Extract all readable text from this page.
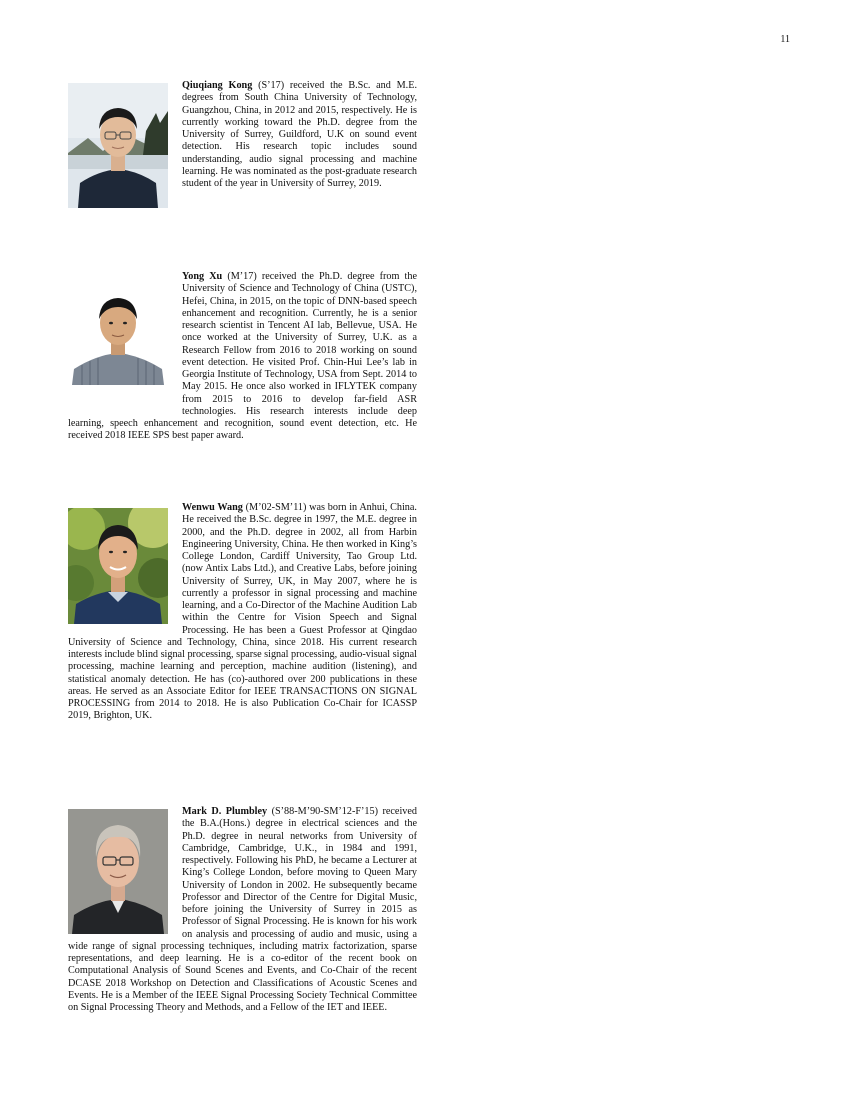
11

Qiuqiang Kong (S’17) received the B.Sc. and M.E. degrees from South China University of Technology, Guangzhou, China, in 2012 and 2015, respectively. He is currently working toward the Ph.D. degree from the University of Surrey, Guildford, U.K on sound event detection. His research topic includes sound understanding, audio signal processing and machine learning. He was nominated as the post-graduate research student of the year in University of Surrey, 2019.

Yong Xu (M’17) received the Ph.D. degree from the University of Science and Technology of China (USTC), Hefei, China, in 2015, on the topic of DNN-based speech enhancement and recognition. Currently, he is a senior research scientist in Tencent AI lab, Bellevue, USA. He once worked at the University of Surrey, U.K. as a Research Fellow from 2016 to 2018 working on sound event detection. He visited Prof. Chin-Hui Lee’s lab in Georgia Institute of Technology, USA from Sept. 2014 to May 2015. He once also worked in IFLYTEK company from 2015 to 2016 to develop far-field ASR technologies. His research interests include deep learning, speech enhancement and recognition, sound event detection, etc. He received 2018 IEEE SPS best paper award.

Wenwu Wang (M’02-SM’11) was born in Anhui, China. He received the B.Sc. degree in 1997, the M.E. degree in 2000, and the Ph.D. degree in 2002, all from Harbin Engineering University, China. He then worked in King’s College London, Cardiff University, Tao Group Ltd. (now Antix Labs Ltd.), and Creative Labs, before joining University of Surrey, UK, in May 2007, where he is currently a professor in signal processing and machine learning, and a Co-Director of the Machine Audition Lab within the Centre for Vision Speech and Signal Processing. He has been a Guest Professor at Qingdao University of Science and Technology, China, since 2018. His current research interests include blind signal processing, sparse signal processing, audio-visual signal processing, machine learning and perception, machine audition (listening), and statistical anomaly detection. He has (co)-authored over 200 publications in these areas. He served as an Associate Editor for IEEE TRANSACTIONS ON SIGNAL PROCESSING from 2014 to 2018. He is also Publication Co-Chair for ICASSP 2019, Brighton, UK.

Mark D. Plumbley (S’88-M’90-SM’12-F’15) received the B.A.(Hons.) degree in electrical sciences and the Ph.D. degree in neural networks from University of Cambridge, Cambridge, U.K., in 1984 and 1991, respectively. Following his PhD, he became a Lecturer at King’s College London, before moving to Queen Mary University of London in 2002. He subsequently became Professor and Director of the Centre for Digital Music, before joining the University of Surrey in 2015 as Professor of Signal Processing. He is known for his work on analysis and processing of audio and music, using a wide range of signal processing techniques, including matrix factorization, sparse representations, and deep learning. He is a co-editor of the recent book on Computational Analysis of Sound Scenes and Events, and Co-Chair of the recent DCASE 2018 Workshop on Detection and Classifications of Acoustic Scenes and Events. He is a Member of the IEEE Signal Processing Society Technical Committee on Signal Processing Theory and Methods, and a Fellow of the IET and IEEE.
